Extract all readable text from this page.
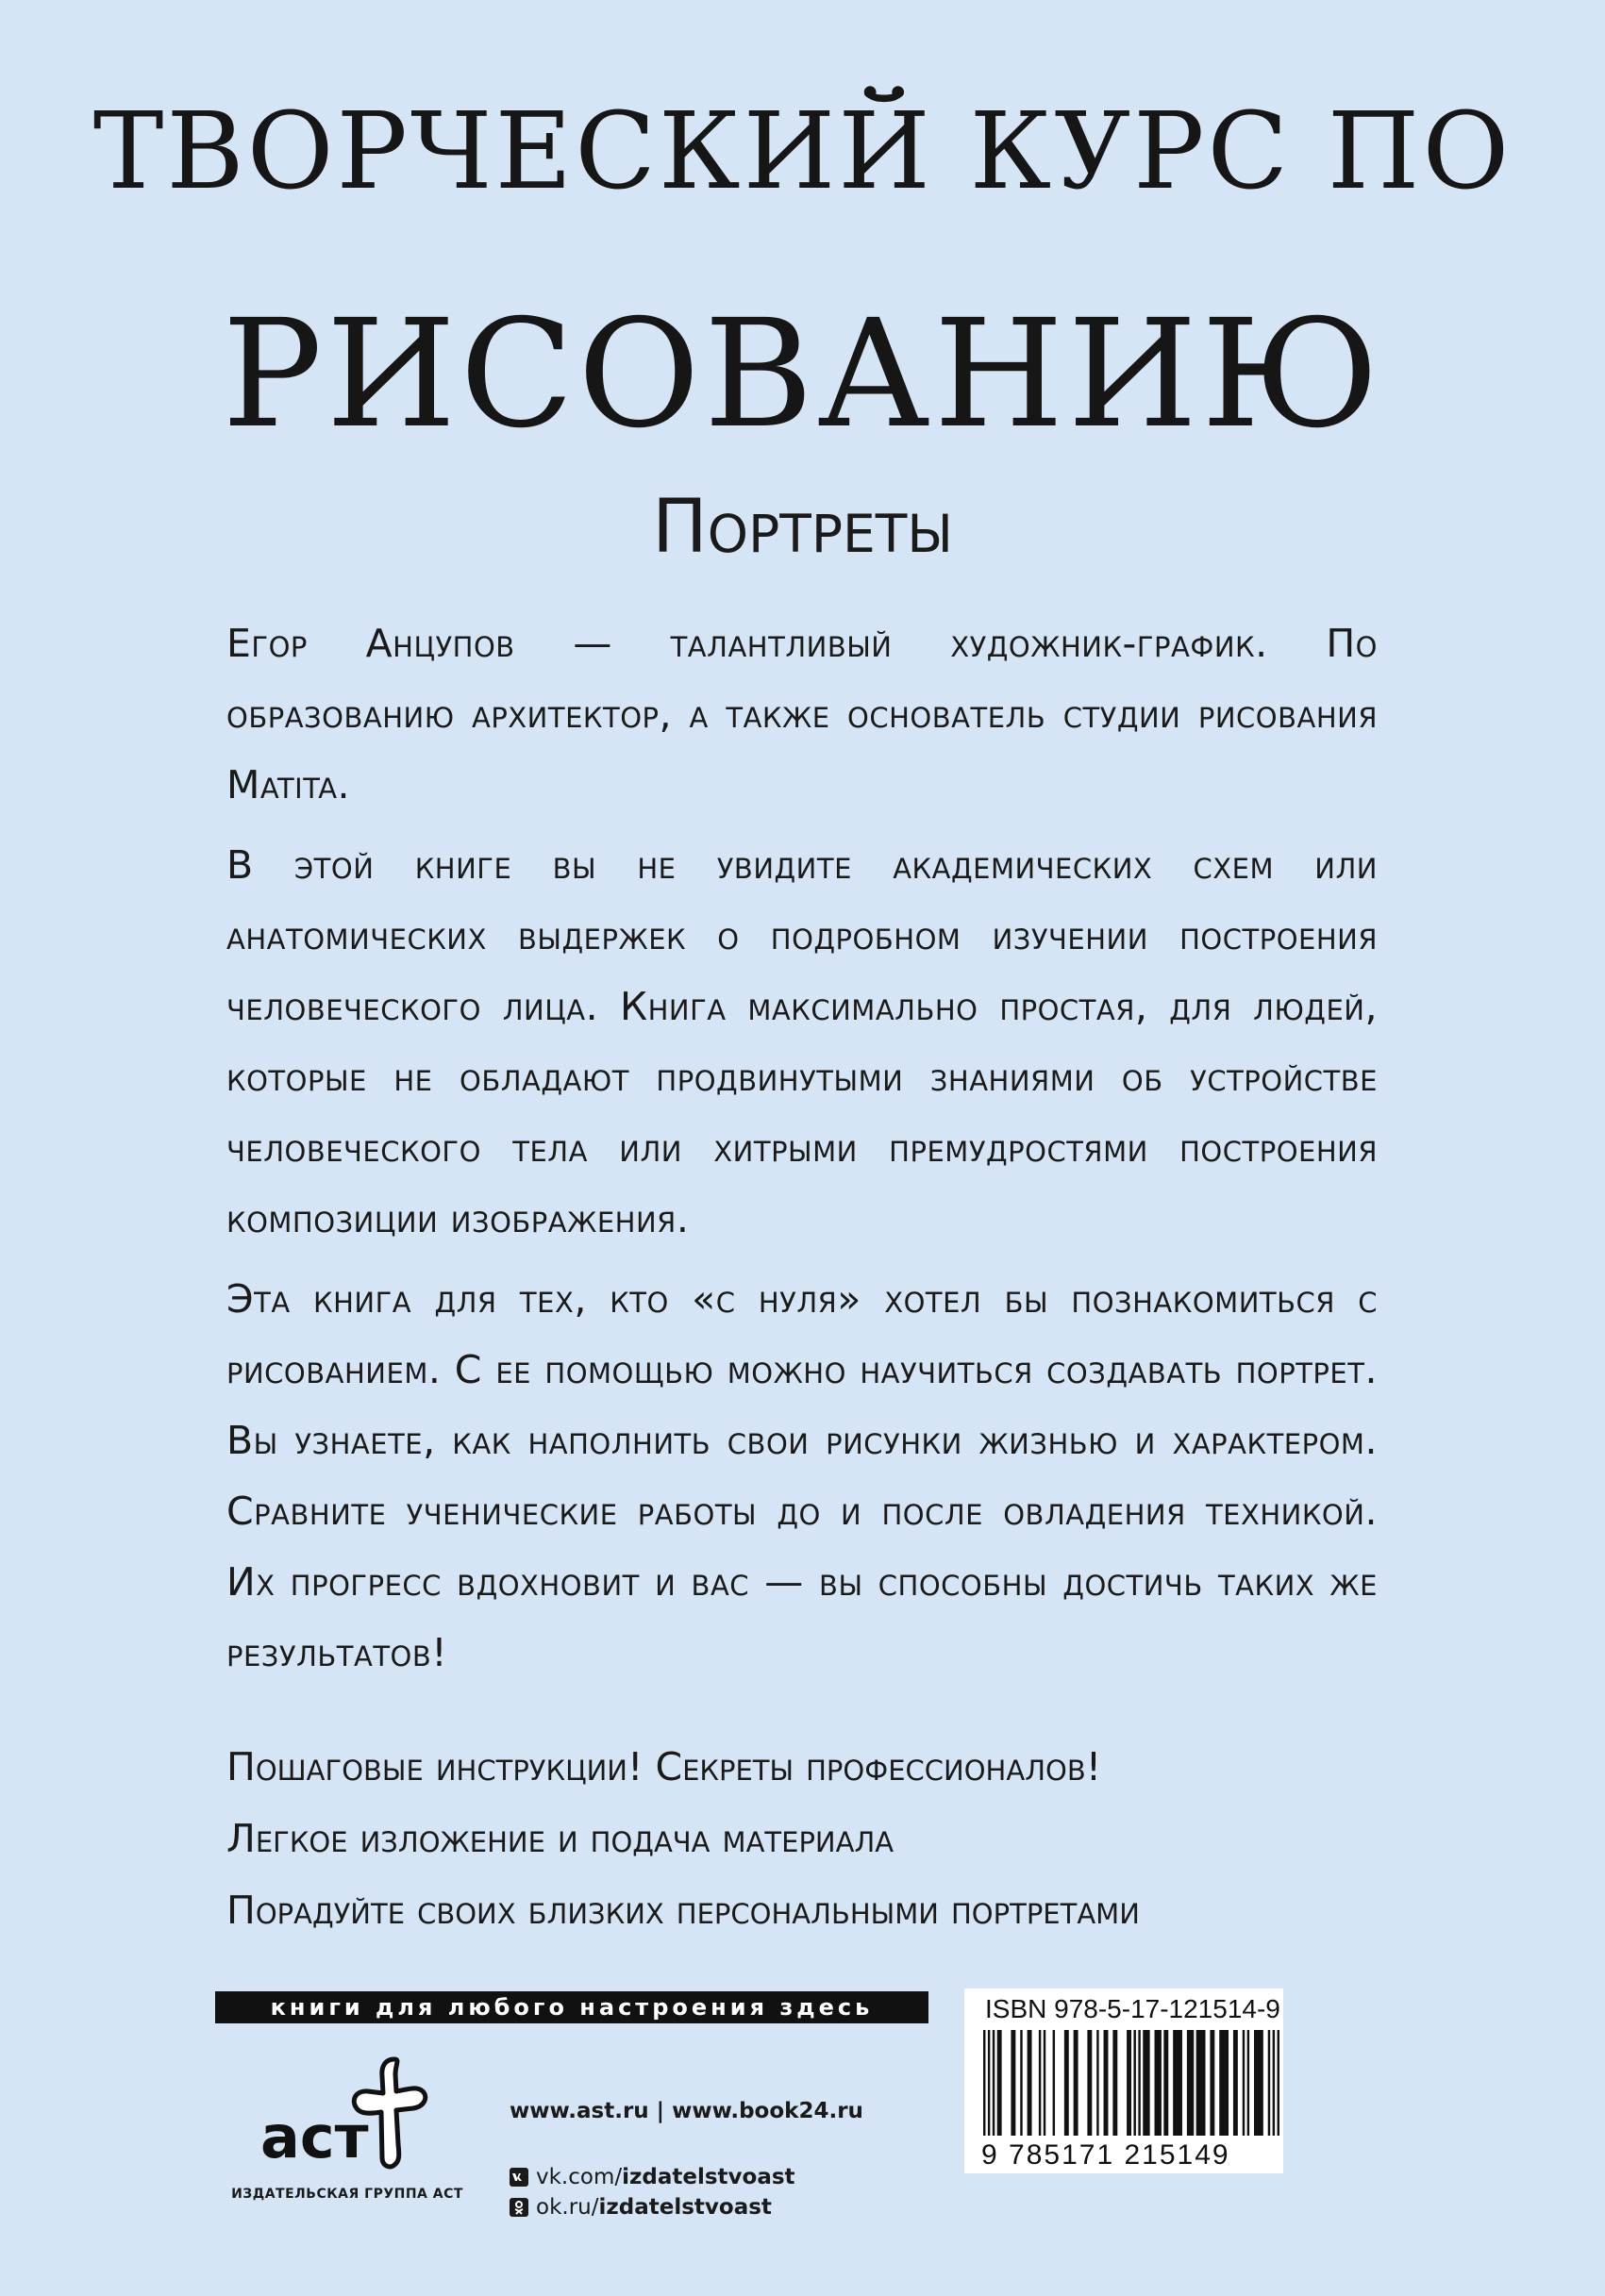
ТВОРЧЕСКИЙ КУРС ПО
РИСОВАНИЮ
Портреты

Егор Анцупов — талантливый художник-график. По образованию архитектор, а также основатель студии рисования Matita.

В этой книге вы не увидите академических схем или анатомических выдержек о подробном изучении построения человеческого лица. Книга максимально простая, для людей, которые не обладают продвинутыми знаниями об устройстве человеческого тела или хитрыми премудростями построения композиции изображения.

Эта книга для тех, кто «с нуля» хотел бы познакомиться с рисованием. С ее помощью можно научиться создавать портрет. Вы узнаете, как наполнить свои рисунки жизнью и характером. Сравните ученические работы до и после овладения техникой. Их прогресс вдохновит и вас — вы способны достичь таких же результатов!

Пошаговые инструкции! Секреты профессионалов!
Легкое изложение и подача материала
Порадуйте своих близких персональными портретами
книги для любого настроения здесь
аст
ИЗДАТЕЛЬСКАЯ ГРУППА АСТ
www.ast.ru | www.book24.ru
vk.com/ izdatelstvoast
ok.ru/ izdatelstvoast
ISBN 978-5-17-121514-9
9 785171 215149
